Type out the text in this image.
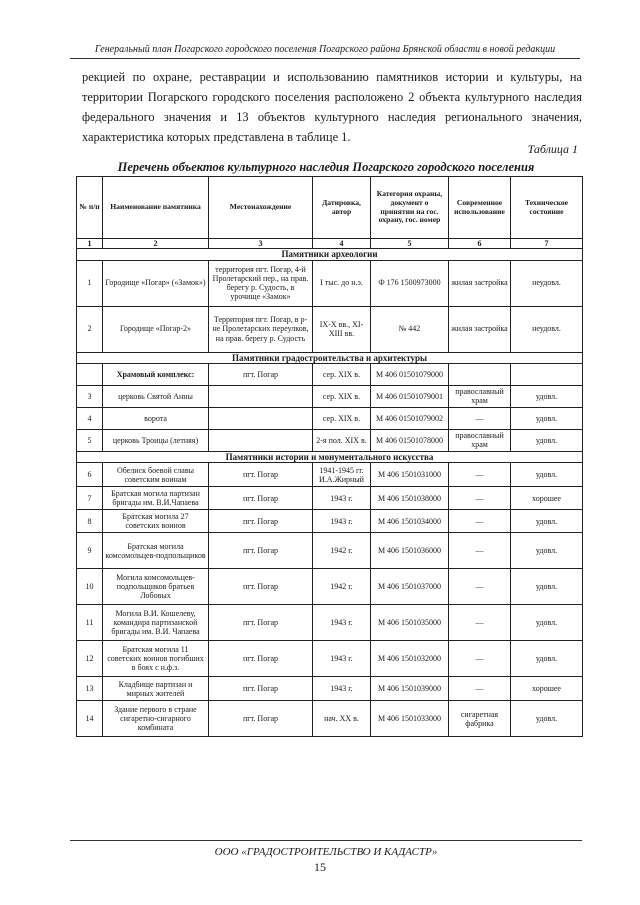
Генеральный план Погарского городского поселения Погарского района Брянской области в новой редакции
рекцией по охране, реставрации и использованию памятников истории и культуры, на территории Погарского городского поселения расположено 2 объекта культурного наследия федерального значения и 13 объектов культурного наследия регионального значения, характеристика которых представлена в таблице 1.
Таблица 1
Перечень объектов культурного наследия Погарского городского поселения
№ п/п	Наименование памятника	Местонахождение	Датировка, автор	Категория охраны, документ о принятии на гос. охрану, гос. номер	Современное использование	Техническое состояние
1	2	3	4	5	6	7
Памятники археологии						
1	Городище «Погар» («Замок»)	территория пгт. Погар, 4-й Пролетарский пер., на прав. берегу р. Судость, в урочище «Замок»	I тыс. до н.э.	Ф 176 1500973000	жилая застройка	неудовл.
2	Городище «Погар-2»	Территория пгт. Погар, в р-не Пролетарских переулков, на прав. берегу р. Судость	IX-X вв., XI-XIII вв.	№ 442	жилая застройка	неудовл.
Памятники градостроительства и архитектуры						
	Храмовый комплекс:	пгт. Погар	сер. XIX в.	М 406 01501079000		
3	церковь Святой Анны		сер. XIX в.	М 406 01501079001	православный храм	удовл.
4	ворота		сер. XIX в.	М 406 01501079002	—	удовл.
5	церковь Троицы (летняя)		2-я пол. XIX в.	М 406 01501078000	православный храм	удовл.
Памятники истории и монументального искусства						
6	Обелиск боевой славы советским воинам	пгт. Погар	1941-1945 гг. И.А.Жирный	М 406 1501031000	—	удовл.
7	Братская могила партизан бригады им. В.И.Чапаева	пгт. Погар	1943 г.	М 406 1501038000	—	хорошее
8	Братская могила 27 советских воинов	пгт. Погар	1943 г.	М 406 1501034000	—	удовл.
9	Братская могила комсомольцев-подпольщиков	пгт. Погар	1942 г.	М 406 1501036000	—	удовл.
10	Могила комсомольцев-подпольщиков братьев Лобовых	пгт. Погар	1942 г.	М 406 1501037000	—	удовл.
11	Могила В.И. Кошелеву, командира партизанской бригады им. В.И. Чапаева	пгт. Погар	1943 г.	М 406 1501035000	—	удовл.
12	Братская могила 11 советских воинов погибших в боях с н.ф.з.	пгт. Погар	1943 г.	М 406 1501032000	—	удовл.
13	Кладбище партизан и мирных жителей	пгт. Погар	1943 г.	М 406 1501039000	—	хорошее
14	Здание первого в стране сигаретно-сигарного комбината	пгт. Погар	нач. XX в.	М 406 1501033000	сигаретная фабрика	удовл.
ООО «ГРАДОСТРОИТЕЛЬСТВО И КАДАСТР»
15
